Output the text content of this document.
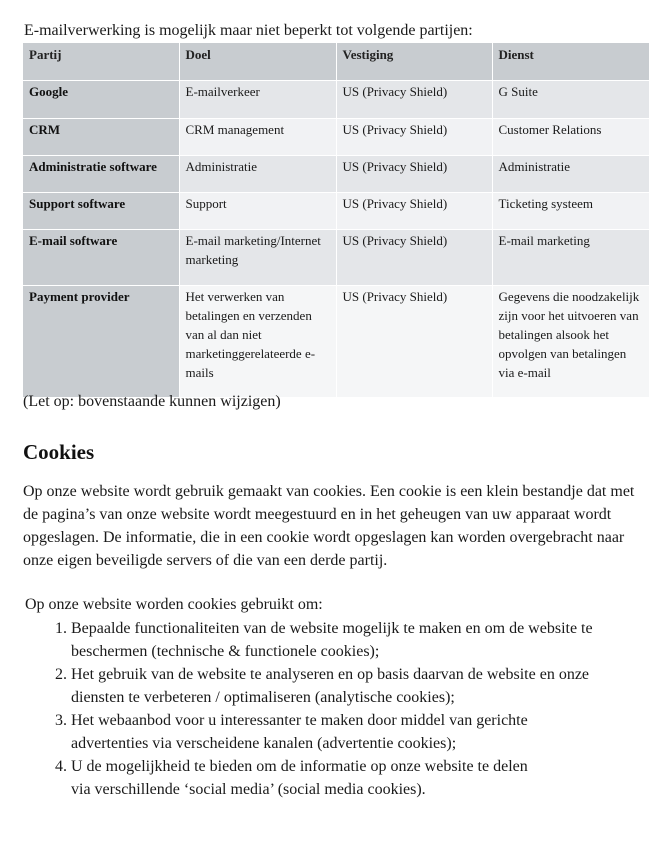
E-mailverwerking is mogelijk maar niet beperkt tot volgende partijen:

Partij	Doel	Vestiging	Dienst
Google	E-mailverkeer	US (Privacy Shield)	G Suite
CRM	CRM management	US (Privacy Shield)	Customer Relations
Administratie software	Administratie	US (Privacy Shield)	Administratie
Support software	Support	US (Privacy Shield)	Ticketing systeem
E-mail software	E-mail marketing/Internet marketing	US (Privacy Shield)	E-mail marketing
Payment provider	Het verwerken van betalingen en verzenden van al dan niet marketinggerelateerde e-mails	US (Privacy Shield)	Gegevens die noodzakelijk zijn voor het uitvoeren van betalingen alsook het opvolgen van betalingen via e-mail

(Let op: bovenstaande kunnen wijzigen)

Cookies

Op onze website wordt gebruik gemaakt van cookies. Een cookie is een klein bestandje dat met de pagina’s van onze website wordt meegestuurd en in het geheugen van uw apparaat wordt opgeslagen. De informatie, die in een cookie wordt opgeslagen kan worden overgebracht naar onze eigen beveiligde servers of die van een derde partij.

Op onze website worden cookies gebruikt om:

1. Bepaalde functionaliteiten van de website mogelijk te maken en om de website te beschermen (technische & functionele cookies);
2. Het gebruik van de website te analyseren en op basis daarvan de website en onze diensten te verbeteren / optimaliseren (analytische cookies);
3. Het webaanbod voor u interessanter te maken door middel van gerichte advertenties via verscheidene kanalen (advertentie cookies);
4. U de mogelijkheid te bieden om de informatie op onze website te delen via verschillende ‘social media’ (social media cookies).
